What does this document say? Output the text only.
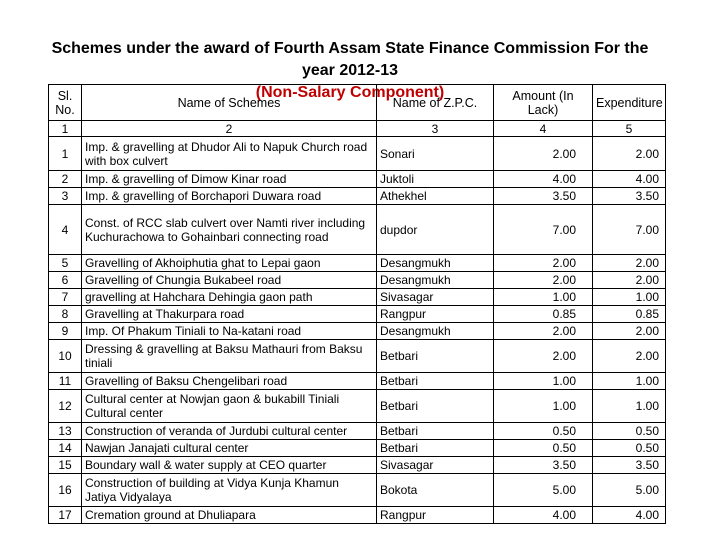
Schemes under the award of Fourth Assam State Finance Commission For the
year 2012-13
(Non-Salary Component)
Sl. No.	Name of Schemes	Name of Z.P.C.	Amount (In Lack)	Expenditure
1	2	3	4	5
1	Imp. & gravelling at Dhudor Ali to Napuk Church road with box culvert	Sonari	2.00	2.00
2	Imp. & gravelling of Dimow Kinar road	Juktoli	4.00	4.00
3	Imp. & gravelling of Borchapori Duwara road	Athekhel	3.50	3.50
4	Const. of RCC slab culvert over Namti river including Kuchurachowa to Gohainbari connecting road	dupdor	7.00	7.00
5	Gravelling of Akhoiphutia ghat to Lepai gaon	Desangmukh	2.00	2.00
6	Gravelling of Chungia Bukabeel road	Desangmukh	2.00	2.00
7	gravelling at Hahchara Dehingia gaon path	Sivasagar	1.00	1.00
8	Gravelling at Thakurpara road	Rangpur	0.85	0.85
9	Imp. Of Phakum Tiniali to Na-katani road	Desangmukh	2.00	2.00
10	Dressing & gravelling at Baksu Mathauri from Baksu tiniali	Betbari	2.00	2.00
11	Gravelling of Baksu Chengelibari road	Betbari	1.00	1.00
12	Cultural center at Nowjan gaon & bukabill Tiniali Cultural center	Betbari	1.00	1.00
13	Construction of veranda of Jurdubi cultural center	Betbari	0.50	0.50
14	Nawjan Janajati cultural center	Betbari	0.50	0.50
15	Boundary wall & water supply at CEO quarter	Sivasagar	3.50	3.50
16	Construction of building at Vidya Kunja Khamun Jatiya Vidyalaya	Bokota	5.00	5.00
17	Cremation ground at Dhuliapara	Rangpur	4.00	4.00
